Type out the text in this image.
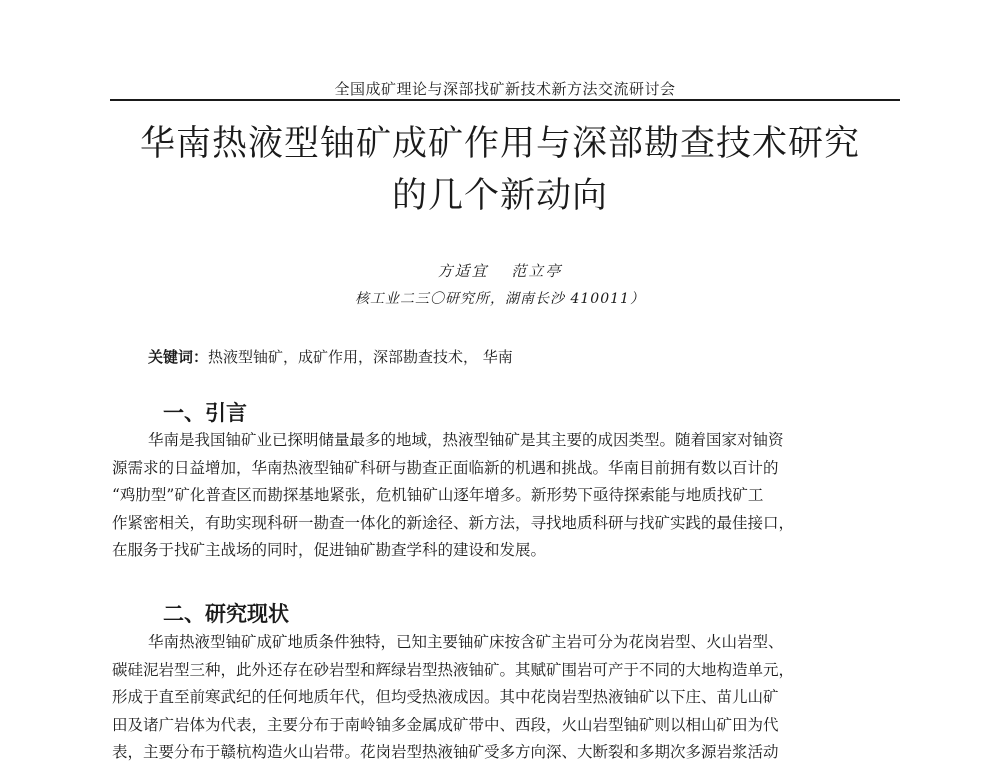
全国成矿理论与深部找矿新技术新方法交流研讨会
华南热液型铀矿成矿作用与深部勘查技术研究
的几个新动向
方适宜 范立亭
核工业二三〇研究所，湖南长沙 410011）
关键词：热液型铀矿，成矿作用，深部勘查技术， 华南
一、引言
华南是我国铀矿业已探明储量最多的地域，热液型铀矿是其主要的成因类型。随着国家对铀资
源需求的日益增加，华南热液型铀矿科研与勘查正面临新的机遇和挑战。华南目前拥有数以百计的
“鸡肋型”矿化普查区而勘探基地紧张，危机铀矿山逐年增多。新形势下亟待探索能与地质找矿工
作紧密相关，有助实现科研一勘查一体化的新途径、新方法，寻找地质科研与找矿实践的最佳接口，
在服务于找矿主战场的同时，促进铀矿勘查学科的建设和发展。
二、研究现状
华南热液型铀矿成矿地质条件独特，已知主要铀矿床按含矿主岩可分为花岗岩型、火山岩型、
碳硅泥岩型三种，此外还存在砂岩型和辉绿岩型热液铀矿。其赋矿围岩可产于不同的大地构造单元，
形成于直至前寒武纪的任何地质年代，但均受热液成因。其中花岗岩型热液铀矿以下庄、苗儿山矿
田及诸广岩体为代表，主要分布于南岭铀多金属成矿带中、西段，火山岩型铀矿则以相山矿田为代
表，主要分布于赣杭构造火山岩带。花岗岩型热液铀矿受多方向深、大断裂和多期次多源岩浆活动
